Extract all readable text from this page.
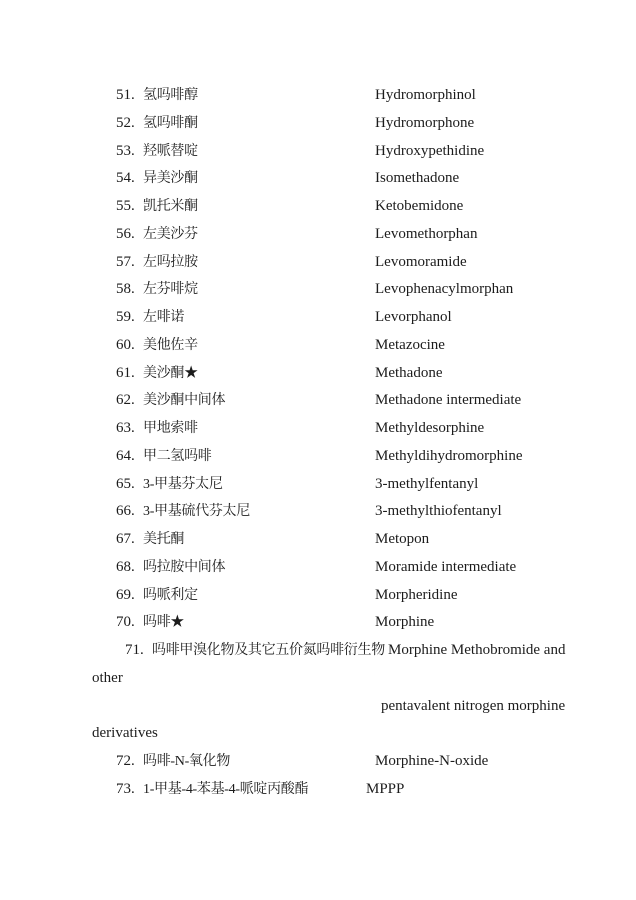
51. 氢吗啡醇	Hydromorphinol
52. 氢吗啡酮	Hydromorphone
53. 羟哌替啶	Hydroxypethidine
54. 异美沙酮	Isomethadone
55. 凯托米酮	Ketobemidone
56. 左美沙芬	Levomethorphan
57. 左吗拉胺	Levomoramide
58. 左芬啡烷	Levophenacylmorphan
59. 左啡诺	Levorphanol
60. 美他佐辛	Metazocine
61. 美沙酮★	Methadone
62. 美沙酮中间体	Methadone intermediate
63. 甲地索啡	Methyldesorphine
64. 甲二氢吗啡	Methyldihydromorphine
65. 3-甲基芬太尼	3-methylfentanyl
66. 3-甲基硫代芬太尼	3-methylthiofentanyl
67. 美托酮	Metopon
68. 吗拉胺中间体	Moramide intermediate
69. 吗哌利定	Morpheridine
70. 吗啡★	Morphine
71. 吗啡甲溴化物及其它五价氮吗啡衍生物 Morphine Methobromide and
other
pentavalent nitrogen morphine
derivatives
72. 吗啡-N-氧化物	Morphine-N-oxide
73. 1-甲基-4-苯基-4-哌啶丙酸酯	MPPP
